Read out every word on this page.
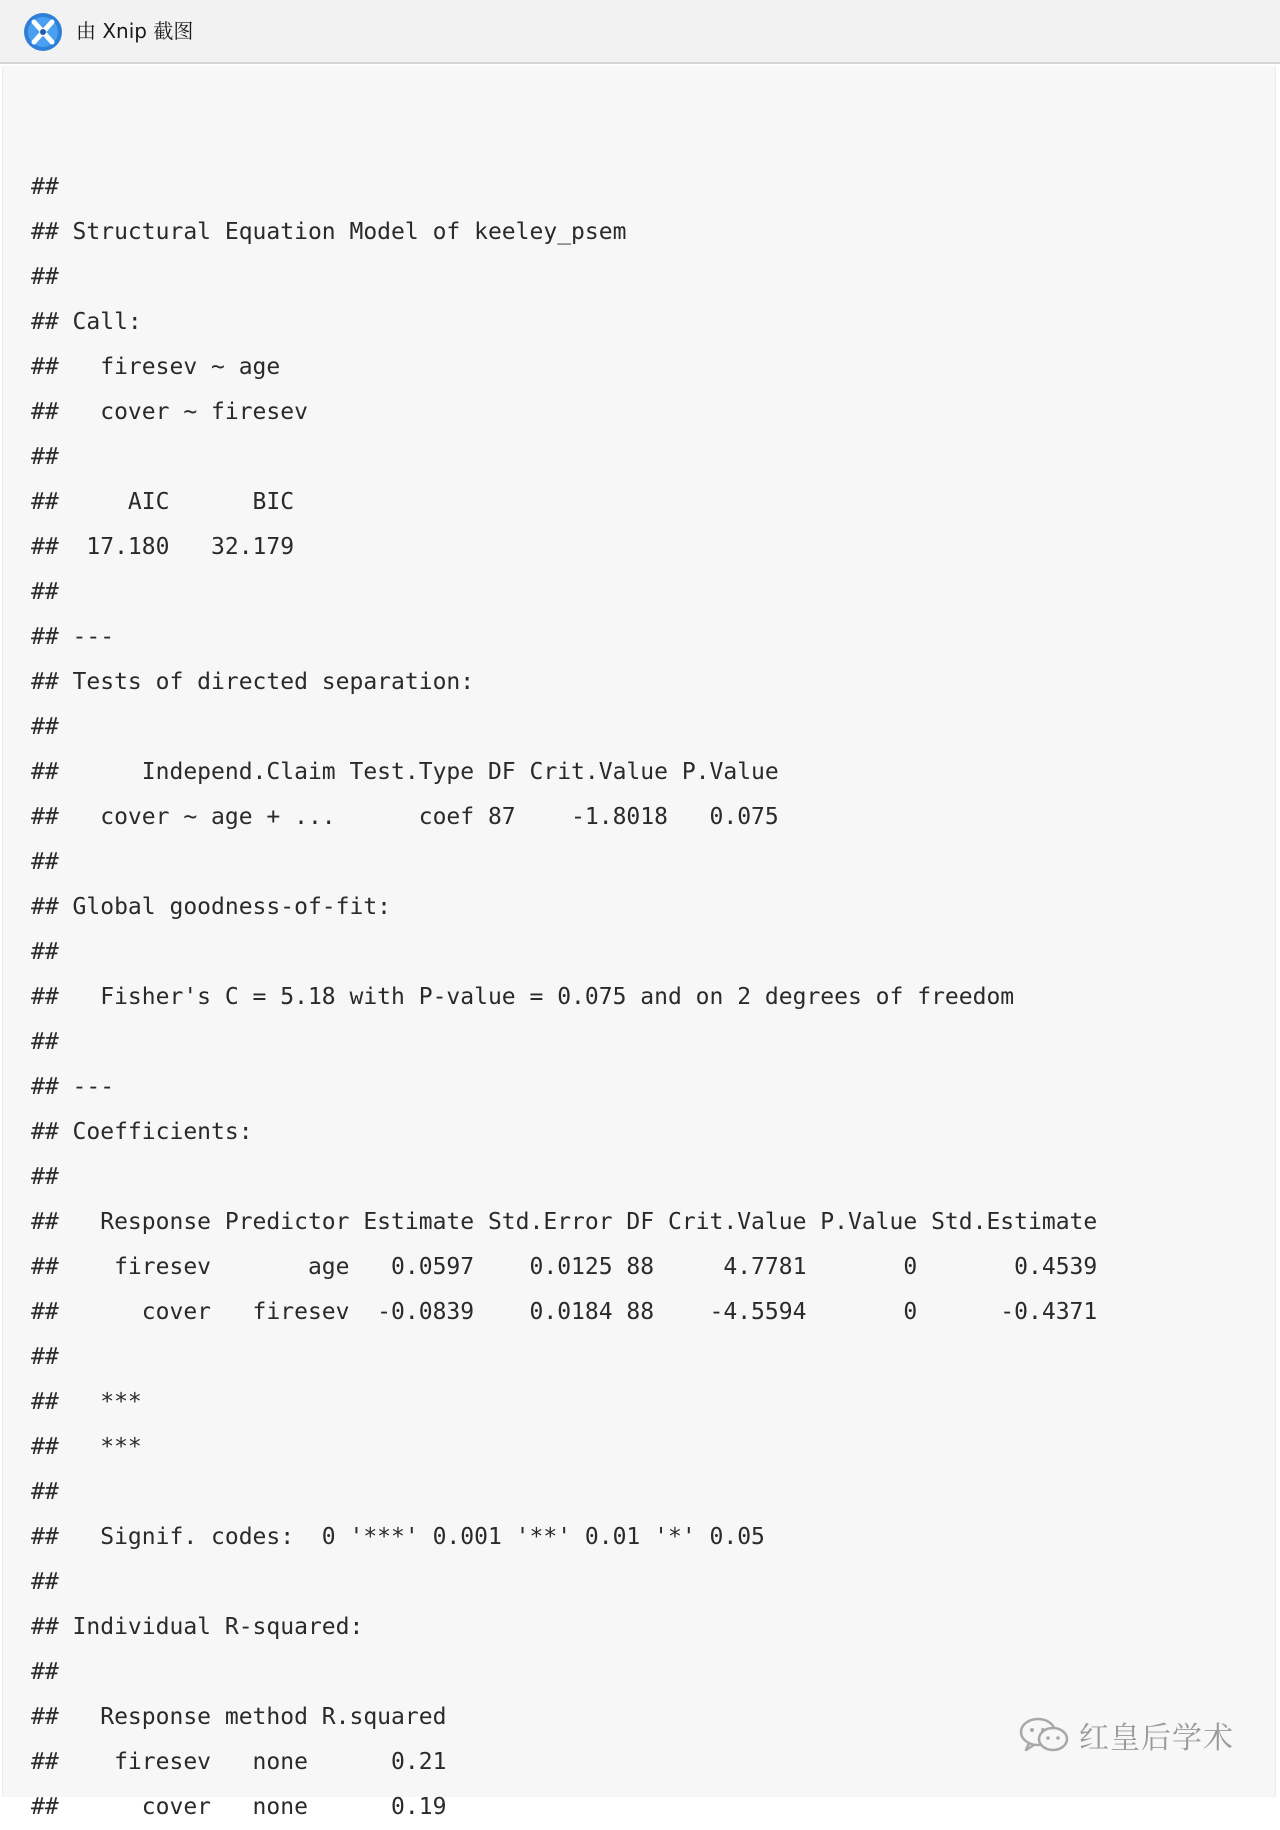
由 Xnip 截图
##
## Structural Equation Model of keeley_psem
##
## Call:
##   firesev ~ age
##   cover ~ firesev
##
##     AIC      BIC
##  17.180   32.179
##
## ---
## Tests of directed separation:
##
##      Independ.Claim Test.Type DF Crit.Value P.Value
##   cover ~ age + ...      coef 87    -1.8018   0.075
##
## Global goodness-of-fit:
##
##   Fisher's C = 5.18 with P-value = 0.075 and on 2 degrees of freedom
##
## ---
## Coefficients:
##
##   Response Predictor Estimate Std.Error DF Crit.Value P.Value Std.Estimate
##    firesev       age   0.0597    0.0125 88     4.7781       0       0.4539
##      cover   firesev  -0.0839    0.0184 88    -4.5594       0      -0.4371
##
##   ***
##   ***
##
##   Signif. codes:  0 '***' 0.001 '**' 0.01 '*' 0.05
##
## Individual R-squared:
##
##   Response method R.squared
##    firesev   none      0.21
##      cover   none      0.19
红皇后学术
